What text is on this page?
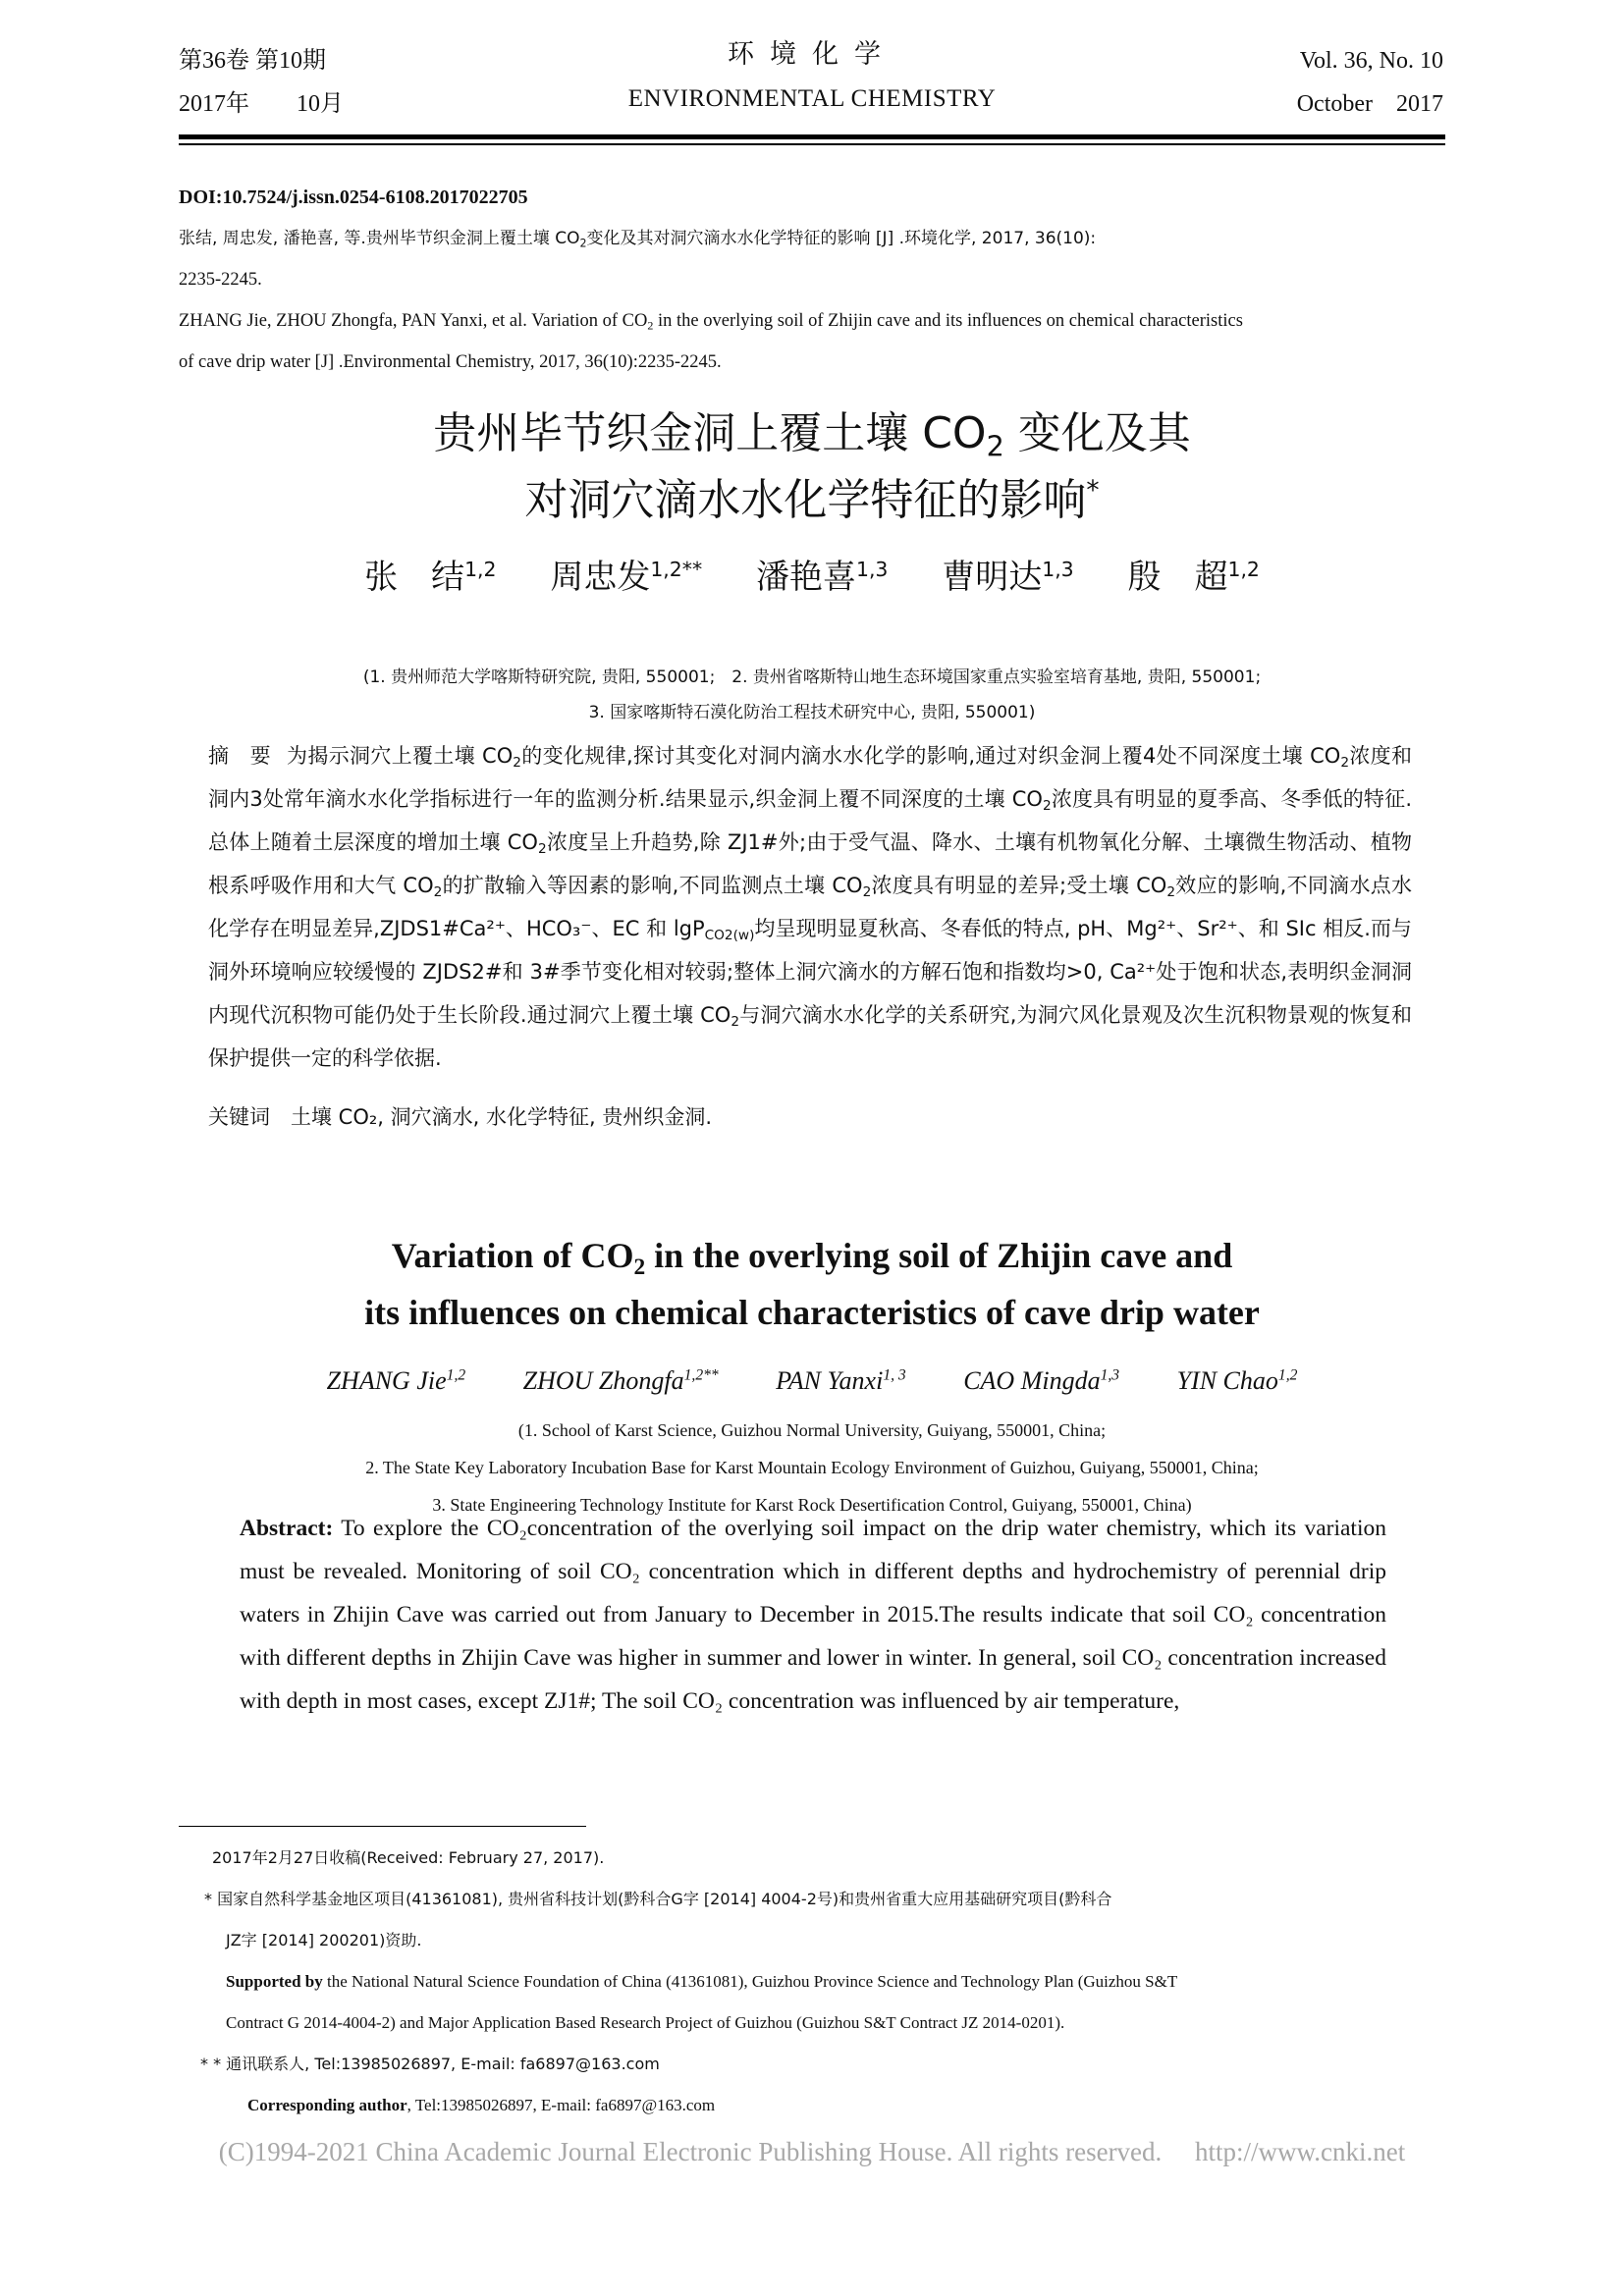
第36卷 第10期
2017年　　10月
环境化学
ENVIRONMENTAL CHEMISTRY
Vol. 36, No. 10
October　2017
DOI:10.7524/j.issn.0254-6108.2017022705
张结, 周忠发, 潘艳喜, 等.贵州毕节织金洞上覆土壤 $CO_2$变化及其对洞穴滴水水化学特征的影响 [J] .环境化学, 2017, 36(10):
2235-2245.
ZHANG Jie, ZHOU Zhongfa, PAN Yanxi, et al. Variation of $CO_2$ in the overlying soil of Zhijin cave and its influences on chemical characteristics
of cave drip water [J] .Environmental Chemistry, 2017, 36(10):2235-2245.
贵州毕节织金洞上覆土壤 $CO_2$ 变化及其
对洞穴滴水水化学特征的影响*
张　结$^{1,2}$ 周忠发$^{1,2**}$ 潘艳喜$^{1,3}$ 曹明达$^{1,3}$ 殷　超$^{1,2}$
(1. 贵州师范大学喀斯特研究院, 贵阳, 550001;　2. 贵州省喀斯特山地生态环境国家重点实验室培育基地, 贵阳, 550001;
3. 国家喀斯特石漠化防治工程技术研究中心, 贵阳, 550001)
摘　要 为揭示洞穴上覆土壤 $CO_2$的变化规律,探讨其变化对洞内滴水水化学的影响,通过对织金洞上覆4处不同深度土壤 $CO_2$浓度和洞内3处常年滴水水化学指标进行一年的监测分析.结果显示,织金洞上覆不同深度的土壤 $CO_2$浓度具有明显的夏季高、冬季低的特征.总体上随着土层深度的增加土壤 $CO_2$浓度呈上升趋势,除 ZJ1#外;由于受气温、降水、土壤有机物氧化分解、土壤微生物活动、植物根系呼吸作用和大气 $CO_2$的扩散输入等因素的影响,不同监测点土壤 $CO_2$浓度具有明显的差异;受土壤 $CO_2$效应的影响,不同滴水点水化学存在明显差异,ZJDS1#Ca²⁺、HCO₃⁻、EC 和 lgP$_{CO2(w)}$均呈现明显夏秋高、冬春低的特点, pH、Mg²⁺、Sr²⁺、和 SIc 相反.而与洞外环境响应较缓慢的 ZJDS2#和 3#季节变化相对较弱;整体上洞穴滴水的方解石饱和指数均>0, Ca²⁺处于饱和状态,表明织金洞洞内现代沉积物可能仍处于生长阶段.通过洞穴上覆土壤 $CO_2$与洞穴滴水水化学的关系研究,为洞穴风化景观及次生沉积物景观的恢复和保护提供一定的科学依据.
关键词　 土壤 CO₂, 洞穴滴水, 水化学特征, 贵州织金洞.
Variation of $CO_2$ in the overlying soil of Zhijin cave and
its influences on chemical characteristics of cave drip water
ZHANG Jie$^{1,2}$ ZHOU Zhongfa$^{1,2**}$ PAN Yanxi$^{1, 3}$ CAO Mingda$^{1,3}$ YIN Chao$^{1,2}$
(1. School of Karst Science, Guizhou Normal University, Guiyang, 550001, China;
2. The State Key Laboratory Incubation Base for Karst Mountain Ecology Environment of Guizhou, Guiyang, 550001, China;
3. State Engineering Technology Institute for Karst Rock Desertification Control, Guiyang, 550001, China)
Abstract: To explore the CO₂concentration of the overlying soil impact on the drip water chemistry, which its variation must be revealed. Monitoring of soil CO₂ concentration which in different depths and hydrochemistry of perennial drip waters in Zhijin Cave was carried out from January to December in 2015.The results indicate that soil CO₂ concentration with different depths in Zhijin Cave was higher in summer and lower in winter. In general, soil CO₂ concentration increased with depth in most cases, except ZJ1#; The soil CO₂ concentration was influenced by air temperature,
2017年2月27日收稿(Received: February 27, 2017).
* 国家自然科学基金地区项目(41361081), 贵州省科技计划(黔科合G字 [2014] 4004-2号)和贵州省重大应用基础研究项目(黔科合
JZ字 [2014] 200201)资助.
Supported by the National Natural Science Foundation of China (41361081), Guizhou Province Science and Technology Plan (Guizhou S&T
Contract G 2014-4004-2) and Major Application Based Research Project of Guizhou (Guizhou S&T Contract JZ 2014-0201).
* * 通讯联系人, Tel:13985026897, E-mail: fa6897@163.com
Corresponding author, Tel:13985026897, E-mail: fa6897@163.com
(C)1994-2021 China Academic Journal Electronic Publishing House. All rights reserved.　 http://www.cnki.net
